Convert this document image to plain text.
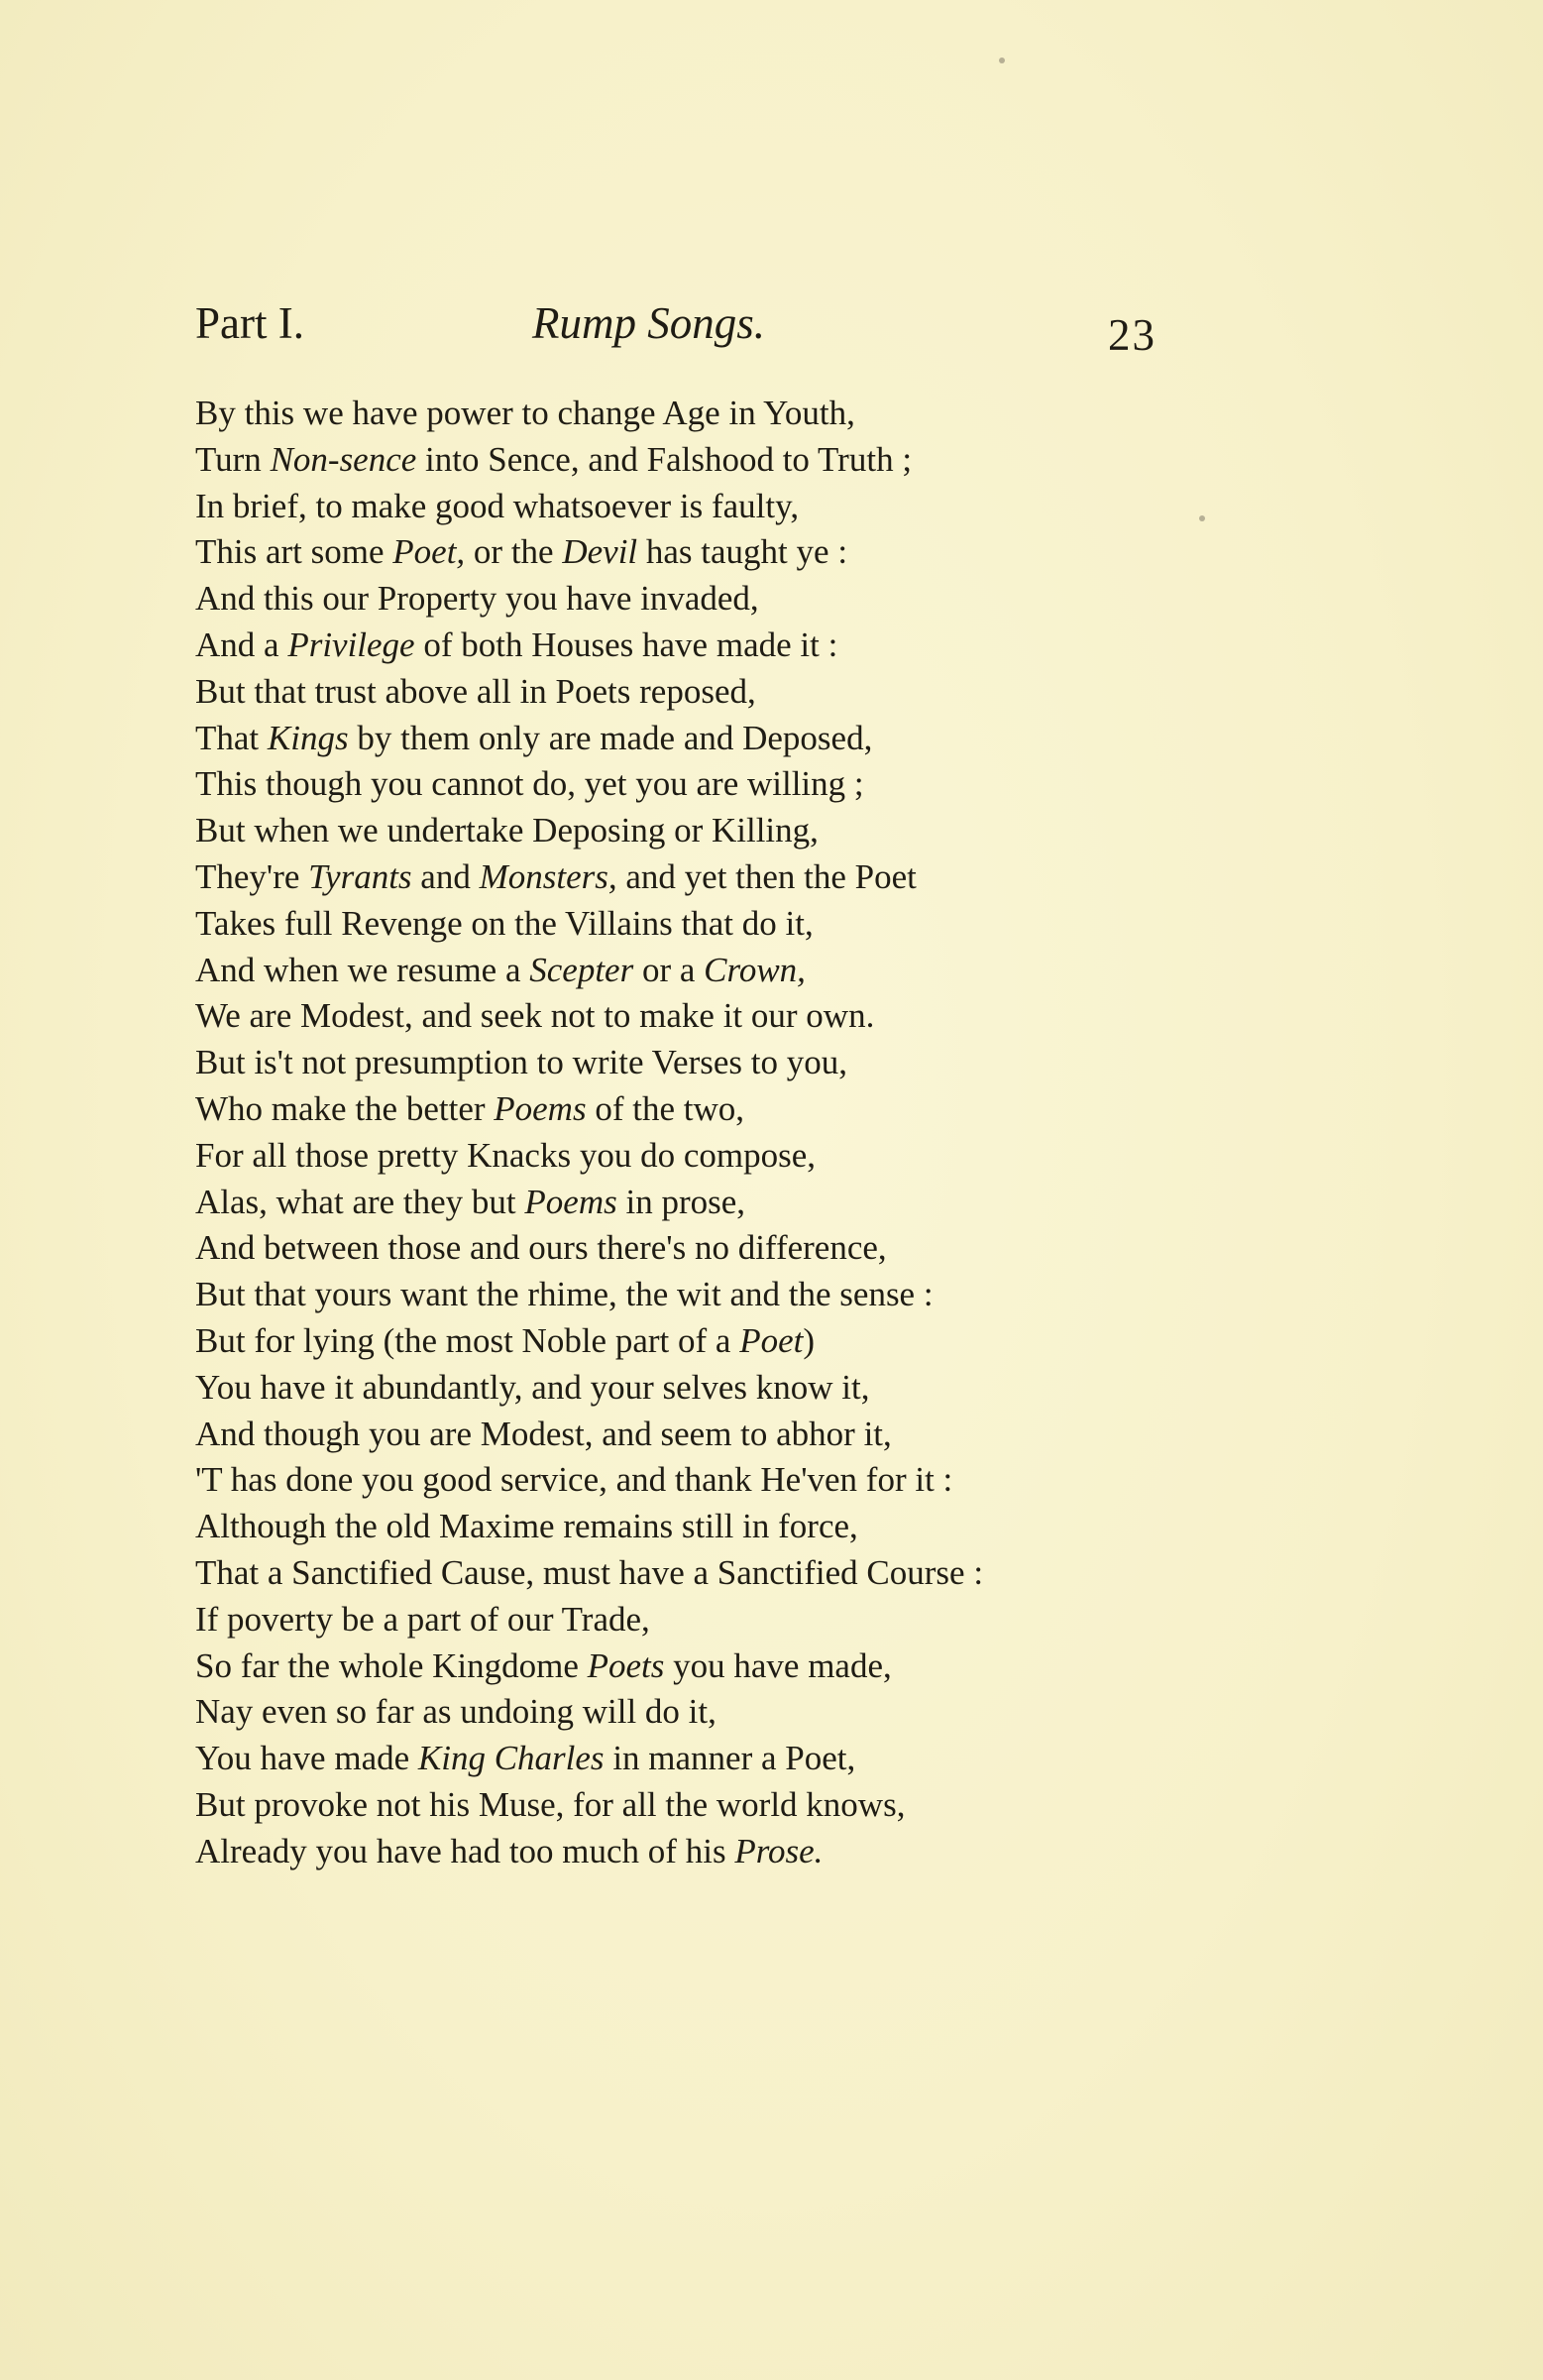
Part I.	Rump Songs.	23
By this we have power to change Age in Youth,
Turn Non-sence into Sence, and Falshood to Truth ;
In brief, to make good whatsoever is faulty,
This art some Poet, or the Devil has taught ye :
And this our Property you have invaded,
And a Privilege of both Houses have made it :
But that trust above all in Poets reposed,
That Kings by them only are made and Deposed,
This though you cannot do, yet you are willing ;
But when we undertake Deposing or Killing,
They're Tyrants and Monsters, and yet then the Poet
Takes full Revenge on the Villains that do it,
And when we resume a Scepter or a Crown,
We are Modest, and seek not to make it our own.
But is't not presumption to write Verses to you,
Who make the better Poems of the two,
For all those pretty Knacks you do compose,
Alas, what are they but Poems in prose,
And between those and ours there's no difference,
But that yours want the rhime, the wit and the sense :
But for lying (the most Noble part of a Poet)
You have it abundantly, and your selves know it,
And though you are Modest, and seem to abhor it,
'T has done you good service, and thank He'ven for it :
Although the old Maxime remains still in force,
That a Sanctified Cause, must have a Sanctified Course :
If poverty be a part of our Trade,
So far the whole Kingdome Poets you have made,
Nay even so far as undoing will do it,
You have made King Charles in manner a Poet,
But provoke not his Muse, for all the world knows,
Already you have had too much of his Prose.
